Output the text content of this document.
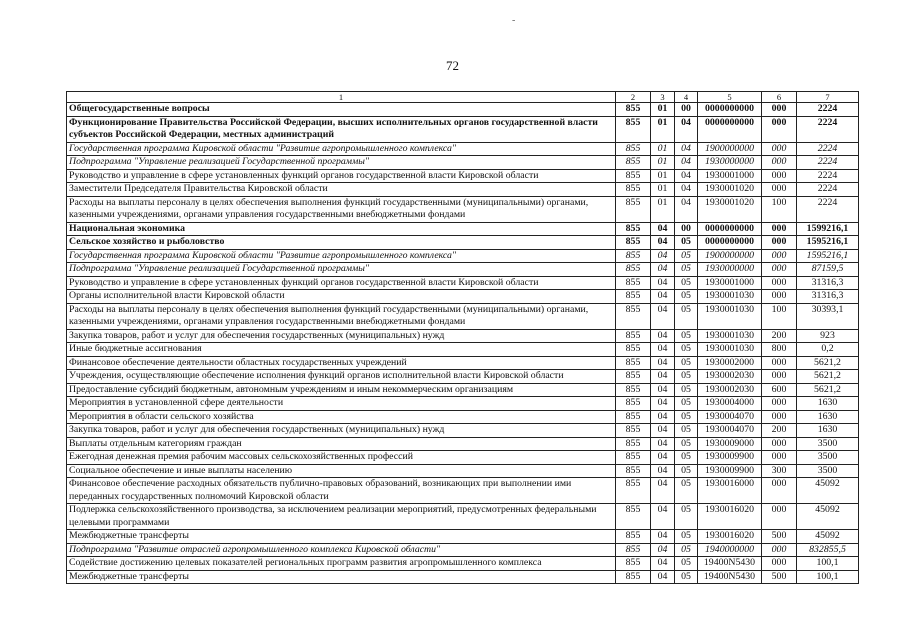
-
72
1	2	3	4	5	6	7
Общегосударственные вопросы	855	01	00	0000000000	000	2224
Функционирование Правительства Российской Федерации, высших исполнительных органов государственной власти субъектов Российской Федерации, местных администраций	855	01	04	0000000000	000	2224
Государственная программа Кировской области "Развитие агропромышленного комплекса"	855	01	04	1900000000	000	2224
Подпрограмма "Управление реализацией Государственной программы"	855	01	04	1930000000	000	2224
Руководство и управление в сфере установленных функций органов государственной власти Кировской области	855	01	04	1930001000	000	2224
Заместители Председателя Правительства Кировской области	855	01	04	1930001020	000	2224
Расходы на выплаты персоналу в целях обеспечения выполнения функций государственными (муниципальными) органами, казенными учреждениями, органами управления государственными внебюджетными фондами	855	01	04	1930001020	100	2224
Национальная экономика	855	04	00	0000000000	000	1599216,1
Сельское хозяйство и рыболовство	855	04	05	0000000000	000	1595216,1
Государственная программа Кировской области "Развитие агропромышленного комплекса"	855	04	05	1900000000	000	1595216,1
Подпрограмма "Управление реализацией Государственной программы"	855	04	05	1930000000	000	87159,5
Руководство и управление в сфере установленных функций органов государственной власти Кировской области	855	04	05	1930001000	000	31316,3
Органы исполнительной власти Кировской области	855	04	05	1930001030	000	31316,3
Расходы на выплаты персоналу в целях обеспечения выполнения функций государственными (муниципальными) органами, казенными учреждениями, органами управления государственными внебюджетными фондами	855	04	05	1930001030	100	30393,1
Закупка товаров, работ и услуг для обеспечения государственных (муниципальных) нужд	855	04	05	1930001030	200	923
Иные бюджетные ассигнования	855	04	05	1930001030	800	0,2
Финансовое обеспечение деятельности областных государственных учреждений	855	04	05	1930002000	000	5621,2
Учреждения, осуществляющие обеспечение исполнения функций органов исполнительной власти Кировской области	855	04	05	1930002030	000	5621,2
Предоставление субсидий бюджетным, автономным учреждениям и иным некоммерческим организациям	855	04	05	1930002030	600	5621,2
Мероприятия в установленной сфере деятельности	855	04	05	1930004000	000	1630
Мероприятия в области сельского хозяйства	855	04	05	1930004070	000	1630
Закупка товаров, работ и услуг для обеспечения государственных (муниципальных) нужд	855	04	05	1930004070	200	1630
Выплаты отдельным категориям граждан	855	04	05	1930009000	000	3500
Ежегодная денежная премия рабочим массовых сельскохозяйственных профессий	855	04	05	1930009900	000	3500
Социальное обеспечение и иные выплаты населению	855	04	05	1930009900	300	3500
Финансовое обеспечение расходных обязательств публично-правовых образований, возникающих при выполнении ими переданных государственных полномочий Кировской области	855	04	05	1930016000	000	45092
Подлержка сельскохозяйственного производства, за исключением реализации мероприятий, предусмотренных федеральными целевыми программами	855	04	05	1930016020	000	45092
Межбюджетные трансферты	855	04	05	1930016020	500	45092
Подпрограмма "Развитие отраслей агропромышленного комплекса Кировской области"	855	04	05	1940000000	000	832855,5
Содействие достижению целевых показателей региональных программ развития агропромышленного комплекса	855	04	05	19400N5430	000	100,1
Межбюджетные трансферты	855	04	05	19400N5430	500	100,1
